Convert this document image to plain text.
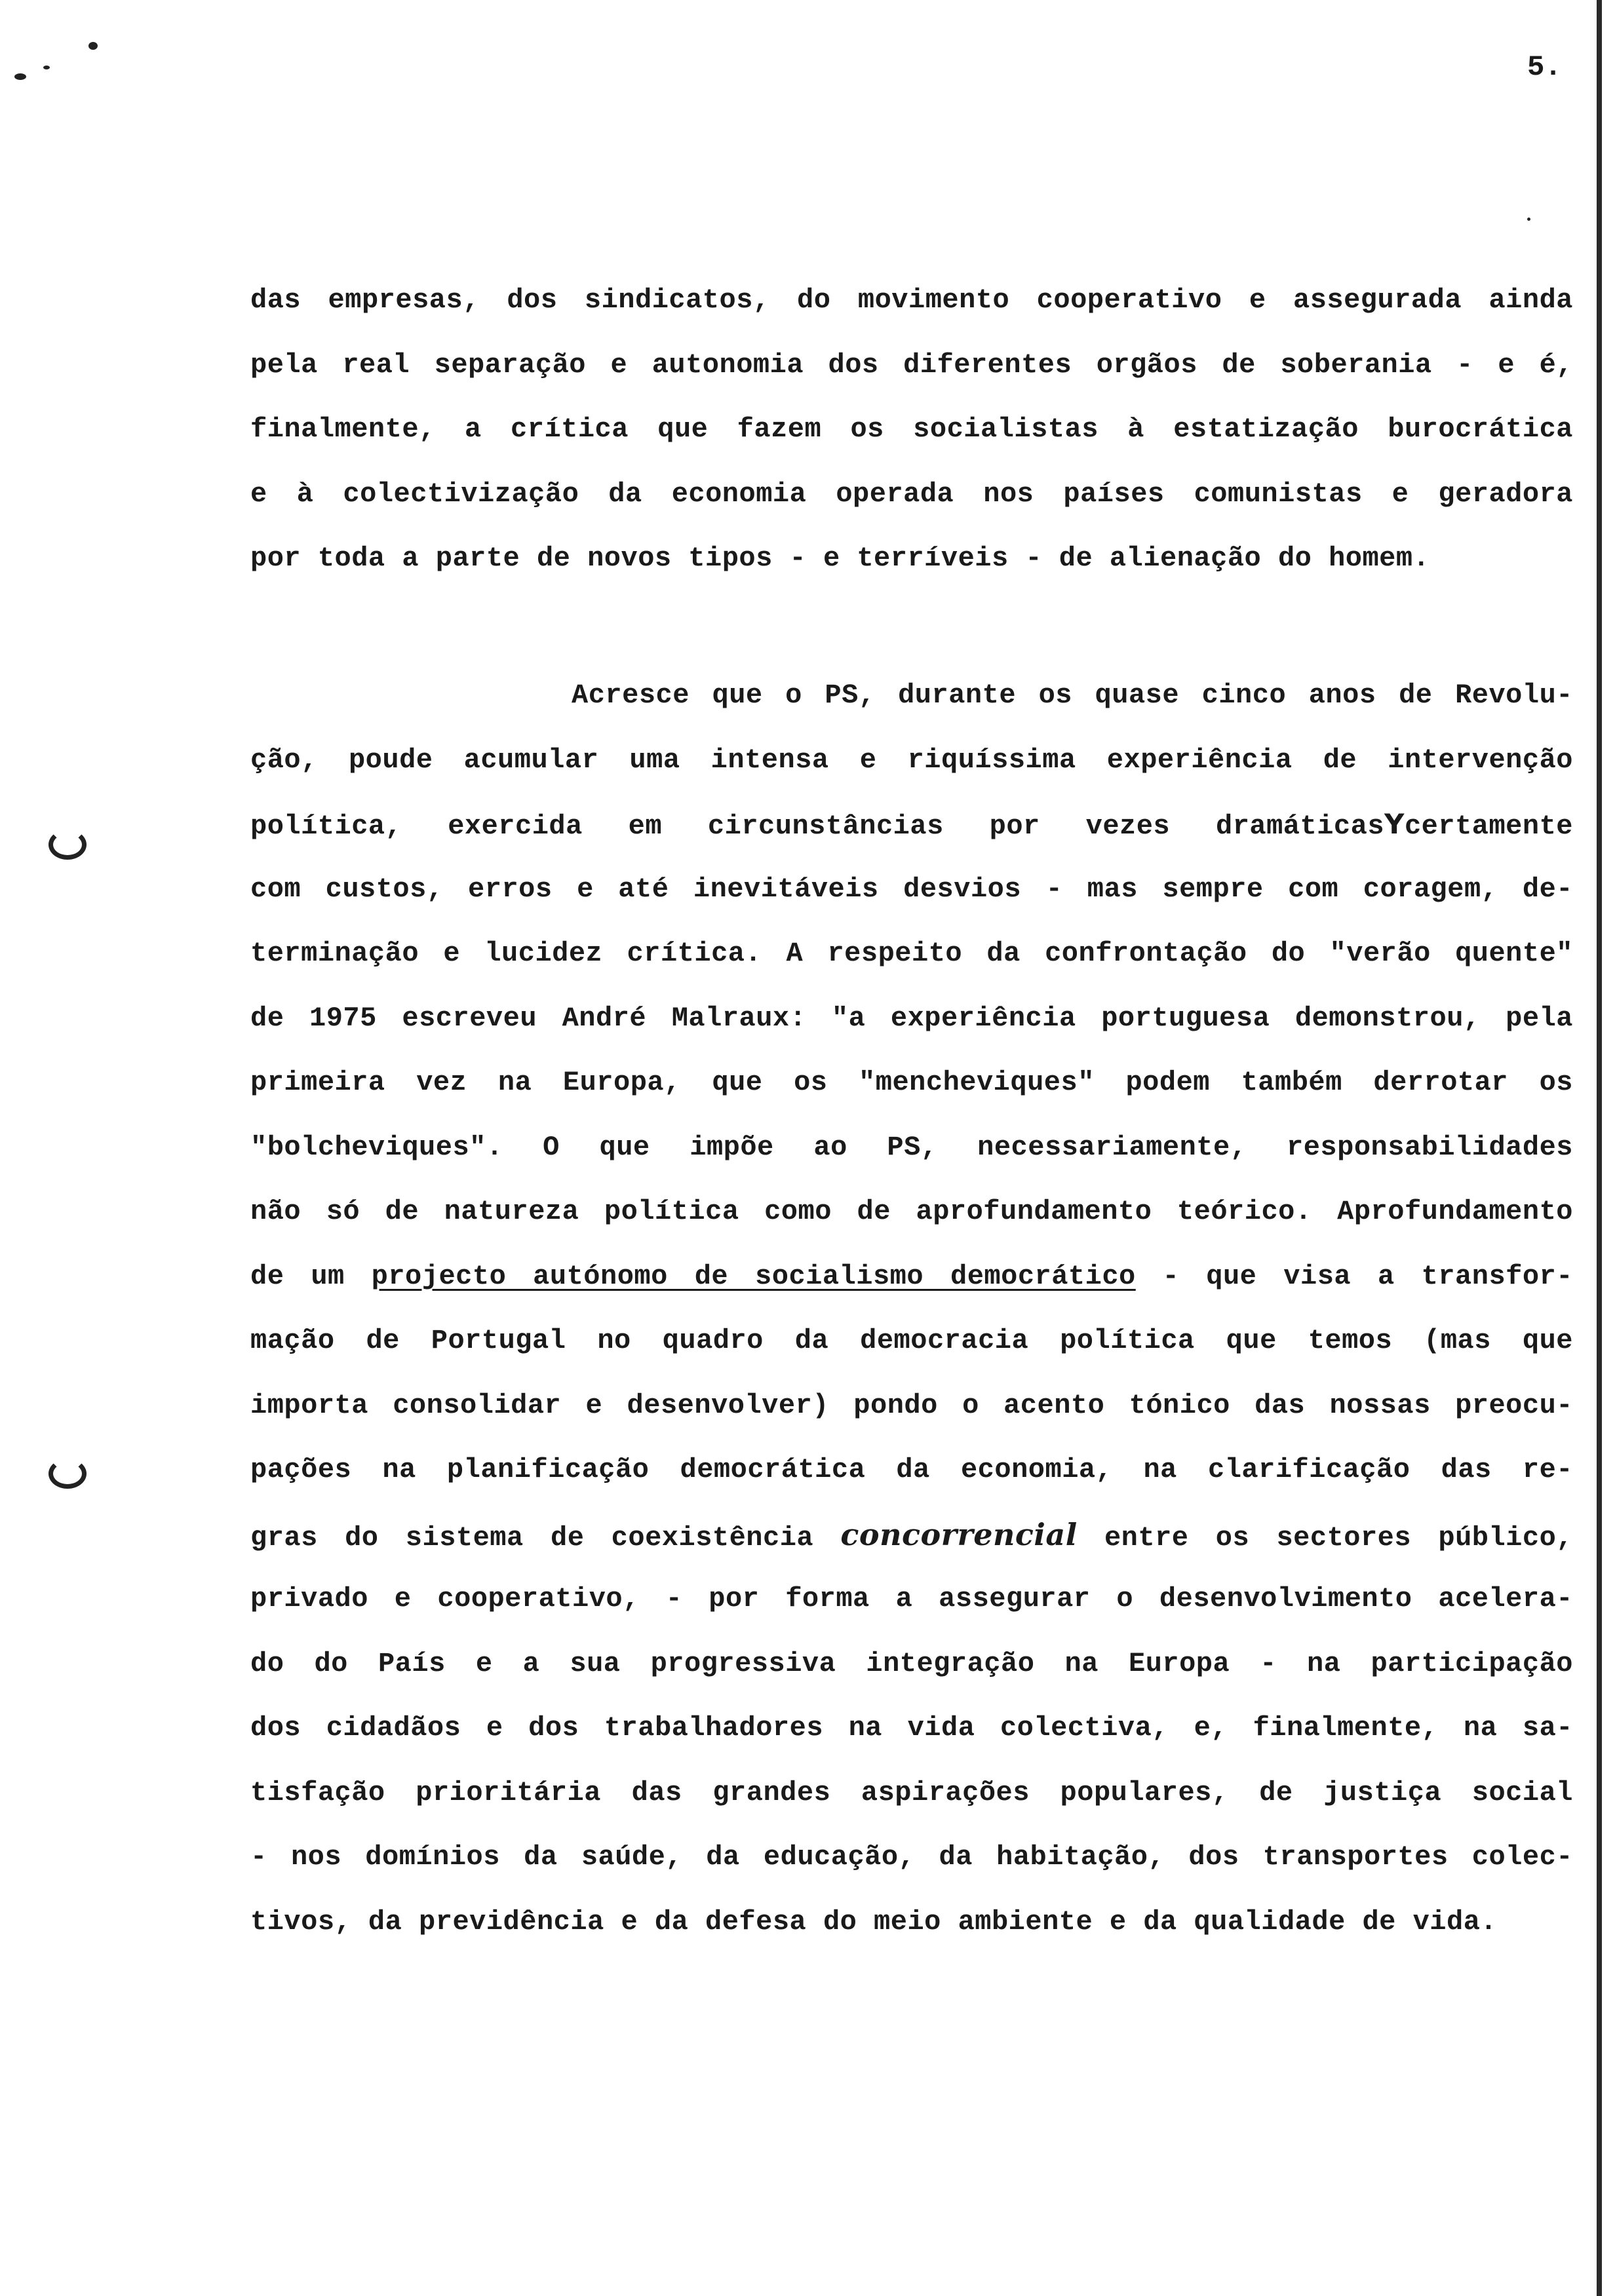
5.
das empresas, dos sindicatos, do movimento cooperativo e assegurada ainda
pela real separação e autonomia dos diferentes orgãos de soberania - e é,
finalmente, a crítica que fazem os socialistas à estatização burocrática
e à colectivização da economia operada nos países comunistas e geradora
por toda a parte de novos tipos - e terríveis - de alienação do homem.
Acresce que o PS, durante os quase cinco anos de Revolu-
ção, poude acumular uma intensa e riquíssima experiência de intervenção
política, exercida em circunstâncias por vezes dramáticasYcertamente
com custos, erros e até inevitáveis desvios - mas sempre com coragem, de-
terminação e lucidez crítica. A respeito da confrontação do "verão quente"
de 1975 escreveu André Malraux: "a experiência portuguesa demonstrou, pela
primeira vez na Europa, que os "mencheviques" podem também derrotar os
"bolcheviques". O que impõe ao PS, necessariamente, responsabilidades
não só de natureza política como de aprofundamento teórico. Aprofundamento
de um projecto autónomo de socialismo democrático - que visa a transfor-
mação de Portugal no quadro da democracia política que temos (mas que
importa consolidar e desenvolver) pondo o acento tónico das nossas preocu-
pações na planificação democrática da economia, na clarificação das re-
gras do sistema de coexistência concorrencial entre os sectores público,
privado e cooperativo, - por forma a assegurar o desenvolvimento acelera-
do do País e a sua progressiva integração na Europa - na participação
dos cidadãos e dos trabalhadores na vida colectiva, e, finalmente, na sa-
tisfação prioritária das grandes aspirações populares, de justiça social
- nos domínios da saúde, da educação, da habitação, dos transportes colec-
tivos, da previdência e da defesa do meio ambiente e da qualidade de vida.
